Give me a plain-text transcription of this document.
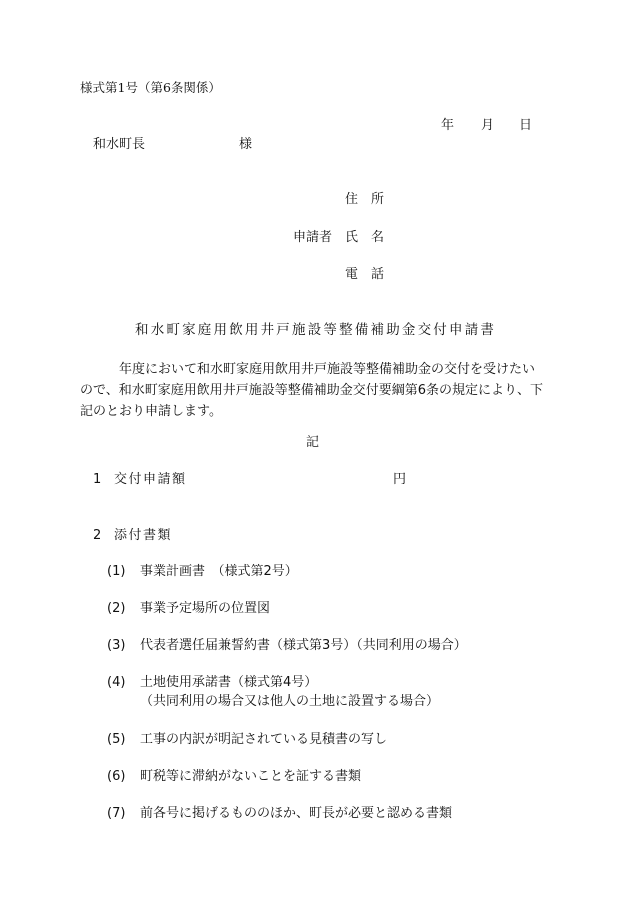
様式第1号（第6条関係）
年 月 日
和水町長	様
住　所
申請者 氏　名
電　話
和水町家庭用飲用井戸施設等整備補助金交付申請書
　　　年度において和水町家庭用飲用井戸施設等整備補助金の交付を受けたい
ので、和水町家庭用飲用井戸施設等整備補助金交付要綱第6条の規定により、下
記のとおり申請します。
記
1 交付申請額	円
2 添付書類
(1) 事業計画書　（様式第2号）
(2) 事業予定場所の位置図
(3) 代表者選任届兼誓約書（様式第3号）（共同利用の場合）
(4) 土地使用承諾書（様式第4号）
（共同利用の場合又は他人の土地に設置する場合）
(5) 工事の内訳が明記されている見積書の写し
(6) 町税等に滞納がないことを証する書類
(7) 前各号に掲げるもののほか、町長が必要と認める書類
